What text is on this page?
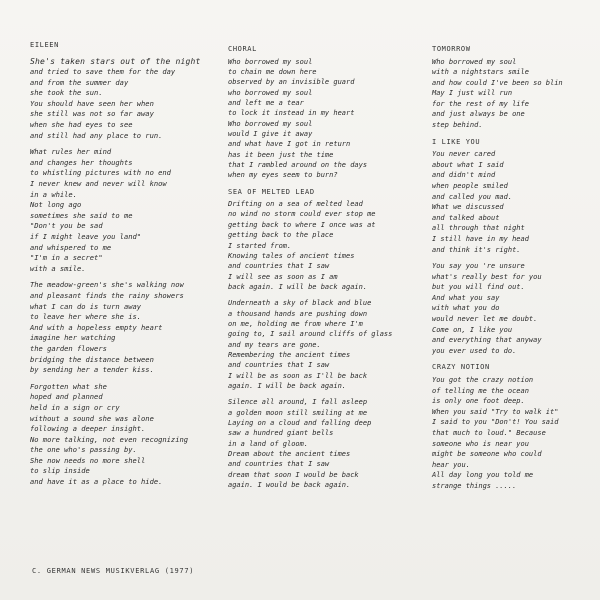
EILEEN
She's taken stars out of the night
and tried to save them for the day
and from the summer day
she took the sun.
You should have seen her when
she still was not so far away
when she had eyes to see
and still had any place to run.
What rules her mind
and changes her thoughts
to whistling pictures with no end
I never knew and never will know
in a while.
Not long ago
sometimes she said to me
"Don't you be sad
if I might leave you land"
and whispered to me
"I'm in a secret"
with a smile.
The meadow-green's she's walking now
and pleasant finds the rainy showers
what I can do is turn away
to leave her where she is.
And with a hopeless empty heart
imagine her watching
the garden flowers
bridging the distance between
by sending her a tender kiss.
Forgotten what she
hoped and planned
held in a sign or cry
without a sound she was alone
following a deeper insight.
No more talking, not even recognizing
the one who's passing by.
She now needs no more shell
to slip inside
and have it as a place to hide.
CHORAL
Who borrowed my soul
to chain me down here
observed by an invisible guard
who borrowed my soul
and left me a tear
to lock it instead in my heart
Who borrowed my soul
would I give it away
and what have I got in return
has it been just the time
that I rambled around on the days
when my eyes seem to burn?
SEA OF MELTED LEAD
Drifting on a sea of melted lead
no wind no storm could ever stop me
getting back to where I once was at
getting back to the place
I started from.
Knowing tales of ancient times
and countries that I saw
I will see as soon as I am
back again. I will be back again.
Underneath a sky of black and blue
a thousand hands are pushing down
on me, holding me from where I'm
going to, I sail around cliffs of glass
and my tears are gone.
Remembering the ancient times
and countries that I saw
I will be as soon as I'll be back
again. I will be back again.
Silence all around, I fall asleep
a golden moon still smiling at me
Laying on a cloud and falling deep
saw a hundred giant bells
in a land of gloom.
Dream about the ancient times
and countries that I saw
dream that soon I would be back
again. I would be back again.
TOMORROW
Who borrowed my soul
with a nightstars smile
and how could I've been so blin
May I just will run
for the rest of my life
and just always be one
step behind.
I LIKE YOU
You never cared
about what I said
and didn't mind
when people smiled
and called you mad.
What we discussed
and talked about
all through that night
I still have in my head
and think it's right.
You say you 're unsure
what's really best for you
but you will find out.
And what you say
with what you do
would never let me doubt.
Come on, I like you
and everything that anyway
you ever used to do.
CRAZY NOTION
You got the crazy notion
of telling me the ocean
is only one foot deep.
When you said "Try to walk it"
I said to you "Don't! You said
that much to loud." Because
someone who is near you
might be someone who could
hear you.
All day long you told me
strange things .....
C. GERMAN NEWS MUSIKVERLAG (1977)
